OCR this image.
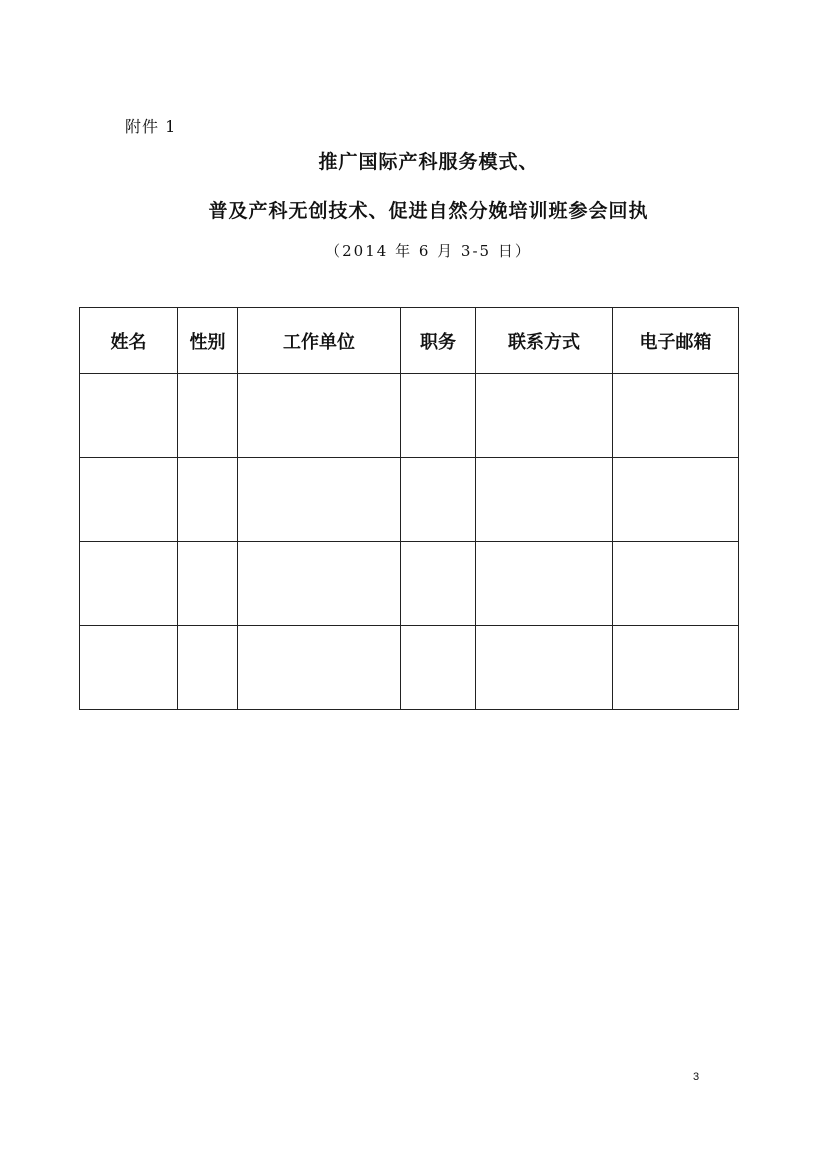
附件 1
推广国际产科服务模式、
普及产科无创技术、促进自然分娩培训班参会回执
（2014 年 6 月 3-5 日）
姓名	性别	工作单位	职务	联系方式	电子邮箱

3
